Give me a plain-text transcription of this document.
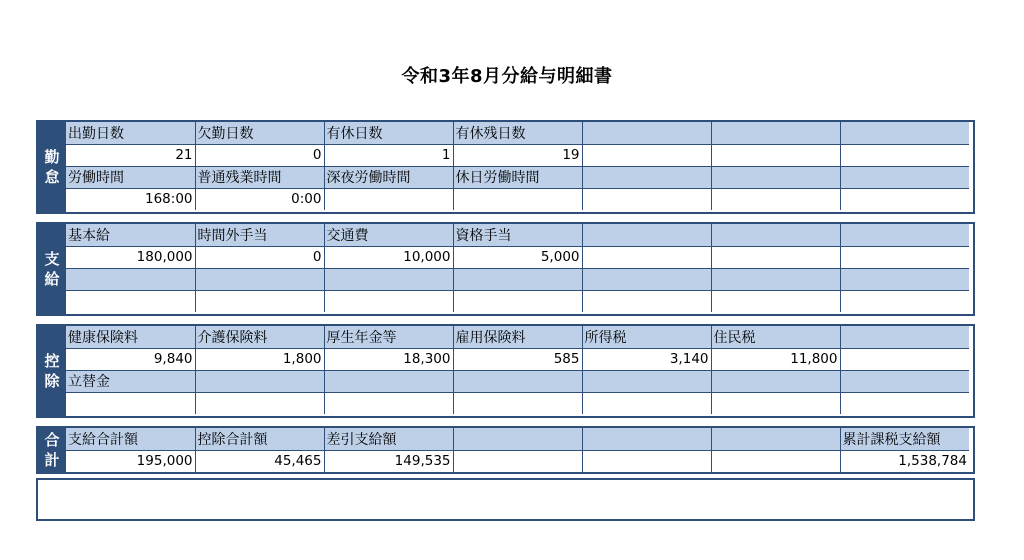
令和3年8月分給与明細書
勤
怠
出勤日数	欠勤日数	有休日数	有休残日数			
21	0	1	19			
労働時間	普通残業時間	深夜労働時間	休日労働時間			
168:00	0:00					
支
給
基本給	時間外手当	交通費	資格手当			
180,000	0	10,000	5,000			

控
除
健康保険料	介護保険料	厚生年金等	雇用保険料	所得税	住民税	
9,840	1,800	18,300	585	3,140	11,800	
立替金						

合
計
支給合計額	控除合計額	差引支給額				累計課税支給額
195,000	45,465	149,535				1,538,784
